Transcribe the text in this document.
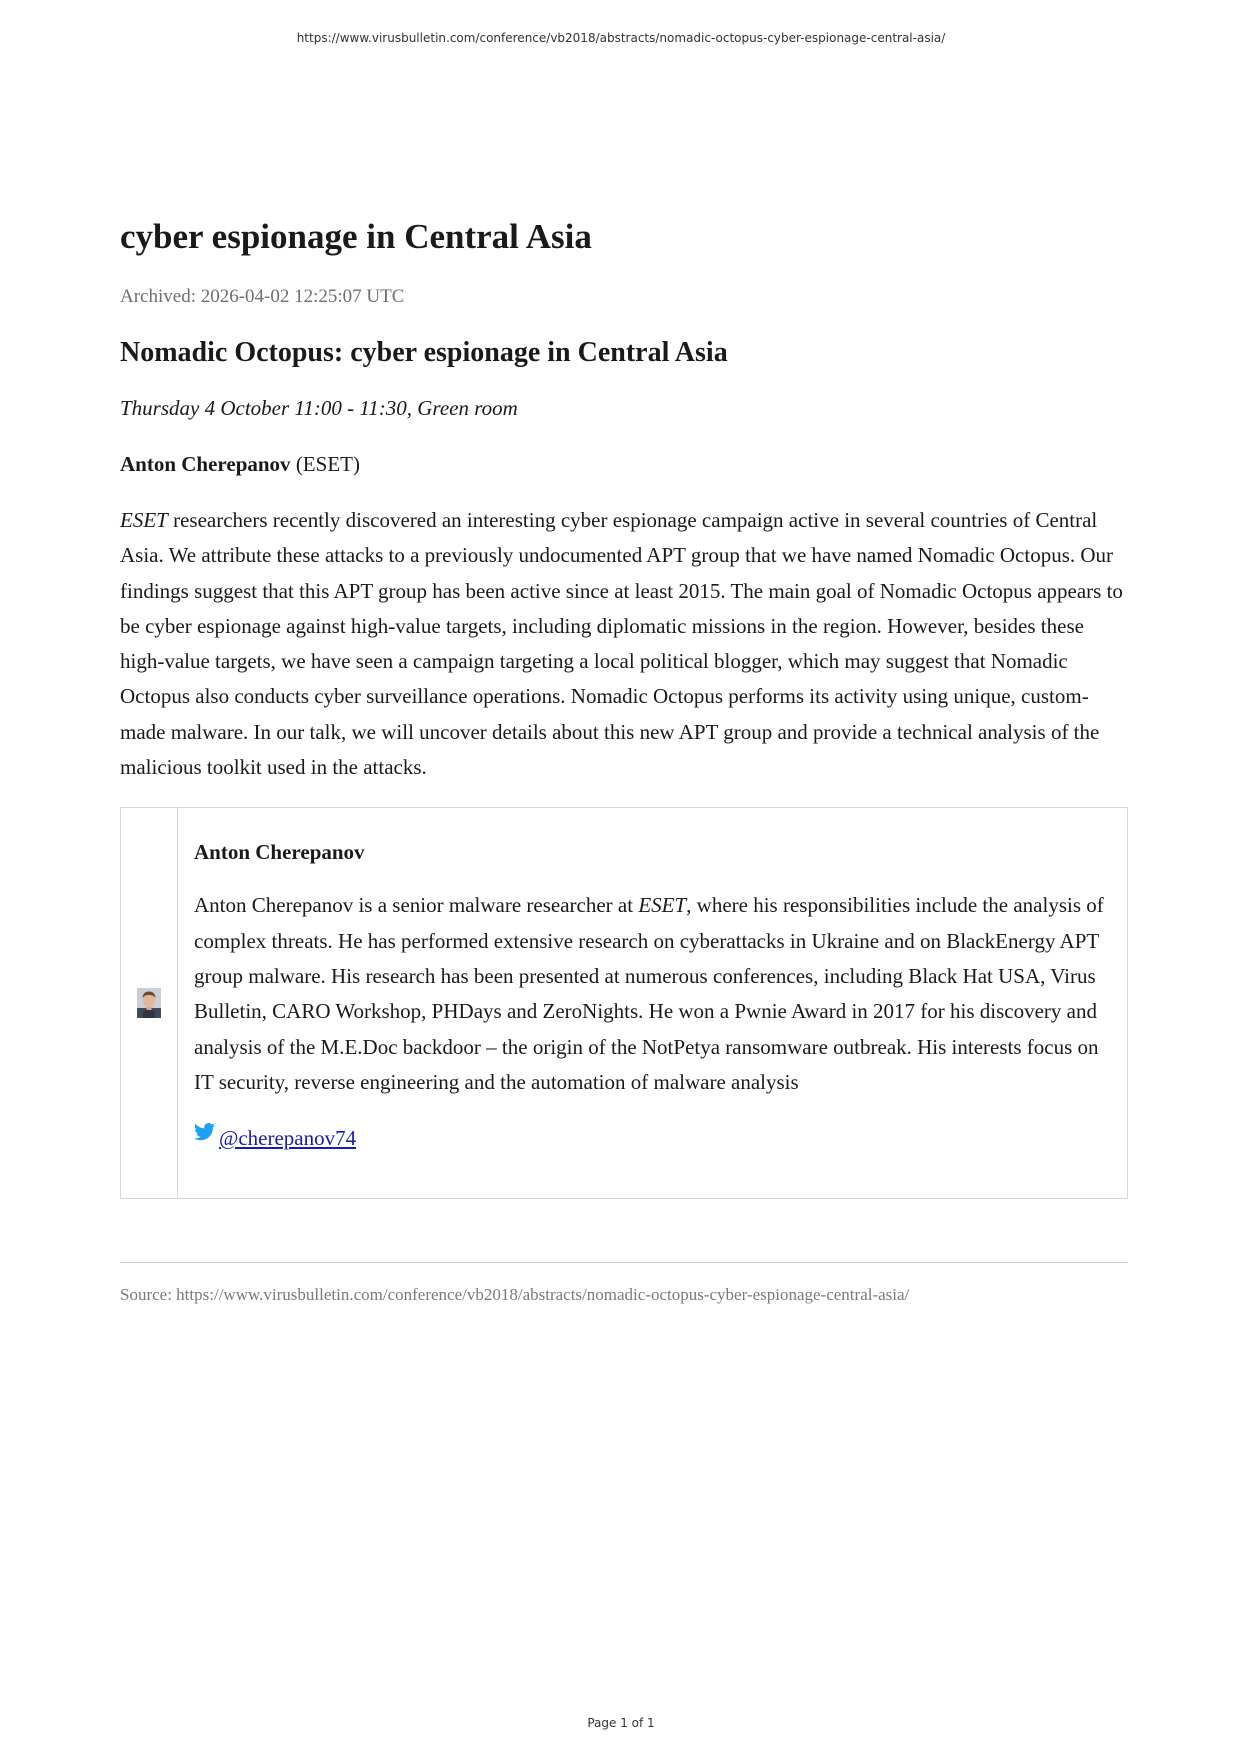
https://www.virusbulletin.com/conference/vb2018/abstracts/nomadic-octopus-cyber-espionage-central-asia/
cyber espionage in Central Asia
Archived: 2026-04-02 12:25:07 UTC
Nomadic Octopus: cyber espionage in Central Asia
Thursday 4 October 11:00 - 11:30, Green room
Anton Cherepanov (ESET)
ESET researchers recently discovered an interesting cyber espionage campaign active in several countries of Central Asia. We attribute these attacks to a previously undocumented APT group that we have named Nomadic Octopus. Our findings suggest that this APT group has been active since at least 2015. The main goal of Nomadic Octopus appears to be cyber espionage against high-value targets, including diplomatic missions in the region. However, besides these high-value targets, we have seen a campaign targeting a local political blogger, which may suggest that Nomadic Octopus also conducts cyber surveillance operations. Nomadic Octopus performs its activity using unique, custom-made malware. In our talk, we will uncover details about this new APT group and provide a technical analysis of the malicious toolkit used in the attacks.
Anton Cherepanov
Anton Cherepanov is a senior malware researcher at ESET, where his responsibilities include the analysis of complex threats. He has performed extensive research on cyberattacks in Ukraine and on BlackEnergy APT group malware. His research has been presented at numerous conferences, including Black Hat USA, Virus Bulletin, CARO Workshop, PHDays and ZeroNights. He won a Pwnie Award in 2017 for his discovery and analysis of the M.E.Doc backdoor – the origin of the NotPetya ransomware outbreak. His interests focus on IT security, reverse engineering and the automation of malware analysis
@cherepanov74
Source: https://www.virusbulletin.com/conference/vb2018/abstracts/nomadic-octopus-cyber-espionage-central-asia/
Page 1 of 1
